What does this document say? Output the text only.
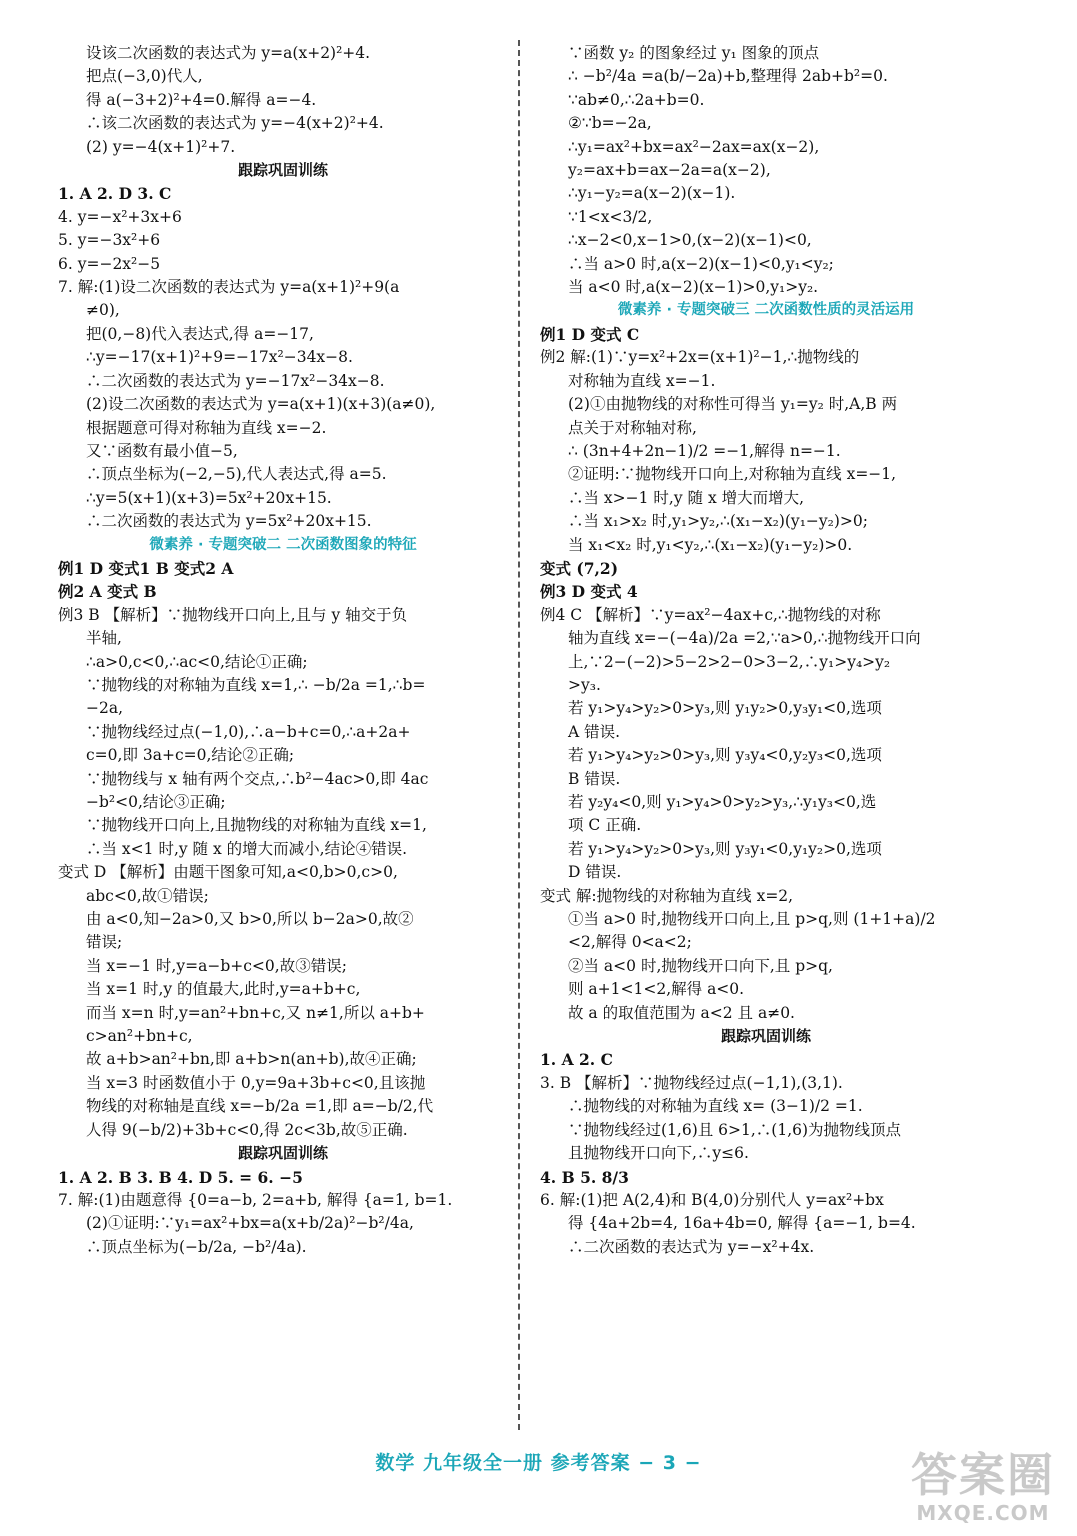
设该二次函数的表达式为 y=a(x+2)²+4.
把点(−3,0)代人,
得 a(−3+2)²+4=0.解得 a=−4.
∴该二次函数的表达式为 y=−4(x+2)²+4.
(2) y=−4(x+1)²+7.
跟踪巩固训练
1. A 2. D 3. C
4. y=−x²+3x+6
5. y=−3x²+6
6. y=−2x²−5
7. 解:(1)设二次函数的表达式为 y=a(x+1)²+9(a
≠0),
把(0,−8)代入表达式,得 a=−17,
∴y=−17(x+1)²+9=−17x²−34x−8.
∴二次函数的表达式为 y=−17x²−34x−8.
(2)设二次函数的表达式为 y=a(x+1)(x+3)(a≠0),
根据题意可得对称轴为直线 x=−2.
又∵函数有最小值−5,
∴顶点坐标为(−2,−5),代人表达式,得 a=5.
∴y=5(x+1)(x+3)=5x²+20x+15.
∴二次函数的表达式为 y=5x²+20x+15.
微素养 · 专题突破二 二次函数图象的特征
例1 D 变式1 B 变式2 A
例2 A 变式 B
例3 B 【解析】∵抛物线开口向上,且与 y 轴交于负
半轴,
∴a>0,c<0,∴ac<0,结论①正确;
∵抛物线的对称轴为直线 x=1,∴ −b/2a =1,∴b=
−2a,
∵抛物线经过点(−1,0),∴a−b+c=0,∴a+2a+
c=0,即 3a+c=0,结论②正确;
∵抛物线与 x 轴有两个交点,∴b²−4ac>0,即 4ac
−b²<0,结论③正确;
∵抛物线开口向上,且抛物线的对称轴为直线 x=1,
∴当 x<1 时,y 随 x 的增大而减小,结论④错误.
变式 D 【解析】由题干图象可知,a<0,b>0,c>0,
abc<0,故①错误;
由 a<0,知−2a>0,又 b>0,所以 b−2a>0,故②
错误;
当 x=−1 时,y=a−b+c<0,故③错误;
当 x=1 时,y 的值最大,此时,y=a+b+c,
而当 x=n 时,y=an²+bn+c,又 n≠1,所以 a+b+
c>an²+bn+c,
故 a+b>an²+bn,即 a+b>n(an+b),故④正确;
当 x=3 时函数值小于 0,y=9a+3b+c<0,且该抛
物线的对称轴是直线 x=−b/2a =1,即 a=−b/2,代
人得 9(−b/2)+3b+c<0,得 2c<3b,故⑤正确.
跟踪巩固训练
1. A 2. B 3. B 4. D 5. = 6. −5
7. 解:(1)由题意得 {0=a−b, 2=a+b, 解得 {a=1, b=1.
(2)①证明:∵y₁=ax²+bx=a(x+b/2a)²−b²/4a,
∴顶点坐标为(−b/2a, −b²/4a).
∵函数 y₂ 的图象经过 y₁ 图象的顶点
∴ −b²/4a =a(b/−2a)+b,整理得 2ab+b²=0.
∵ab≠0,∴2a+b=0.
②∵b=−2a,
∴y₁=ax²+bx=ax²−2ax=ax(x−2),
y₂=ax+b=ax−2a=a(x−2),
∴y₁−y₂=a(x−2)(x−1).
∵1<x<3/2,
∴x−2<0,x−1>0,(x−2)(x−1)<0,
∴当 a>0 时,a(x−2)(x−1)<0,y₁<y₂;
当 a<0 时,a(x−2)(x−1)>0,y₁>y₂.
微素养 · 专题突破三 二次函数性质的灵活运用
例1 D 变式 C
例2 解:(1)∵y=x²+2x=(x+1)²−1,∴抛物线的
对称轴为直线 x=−1.
(2)①由抛物线的对称性可得当 y₁=y₂ 时,A,B 两
点关于对称轴对称,
∴ (3n+4+2n−1)/2 =−1,解得 n=−1.
②证明:∵抛物线开口向上,对称轴为直线 x=−1,
∴当 x>−1 时,y 随 x 增大而增大,
∴当 x₁>x₂ 时,y₁>y₂,∴(x₁−x₂)(y₁−y₂)>0;
当 x₁<x₂ 时,y₁<y₂,∴(x₁−x₂)(y₁−y₂)>0.
变式 (7,2)
例3 D 变式 4
例4 C 【解析】∵y=ax²−4ax+c,∴抛物线的对称
轴为直线 x=−(−4a)/2a =2,∵a>0,∴抛物线开口向
上,∵2−(−2)>5−2>2−0>3−2,∴y₁>y₄>y₂
>y₃.
若 y₁>y₄>y₂>0>y₃,则 y₁y₂>0,y₃y₁<0,选项
A 错误.
若 y₁>y₄>y₂>0>y₃,则 y₃y₄<0,y₂y₃<0,选项
B 错误.
若 y₂y₄<0,则 y₁>y₄>0>y₂>y₃,∴y₁y₃<0,选
项 C 正确.
若 y₁>y₄>y₂>0>y₃,则 y₃y₁<0,y₁y₂>0,选项
D 错误.
变式 解:抛物线的对称轴为直线 x=2,
①当 a>0 时,抛物线开口向上,且 p>q,则 (1+1+a)/2
<2,解得 0<a<2;
②当 a<0 时,抛物线开口向下,且 p>q,
则 a+1<1<2,解得 a<0.
故 a 的取值范围为 a<2 且 a≠0.
跟踪巩固训练
1. A 2. C
3. B 【解析】∵抛物线经过点(−1,1),(3,1).
∴抛物线的对称轴为直线 x= (3−1)/2 =1.
∵抛物线经过(1,6)且 6>1,∴(1,6)为抛物线顶点
且抛物线开口向下,∴y≤6.
4. B 5. 8/3
6. 解:(1)把 A(2,4)和 B(4,0)分别代人 y=ax²+bx
得 {4a+2b=4, 16a+4b=0, 解得 {a=−1, b=4.
∴二次函数的表达式为 y=−x²+4x.
数学 九年级全一册 参考答案 − 3 −	答案圈
MXQE.COM
